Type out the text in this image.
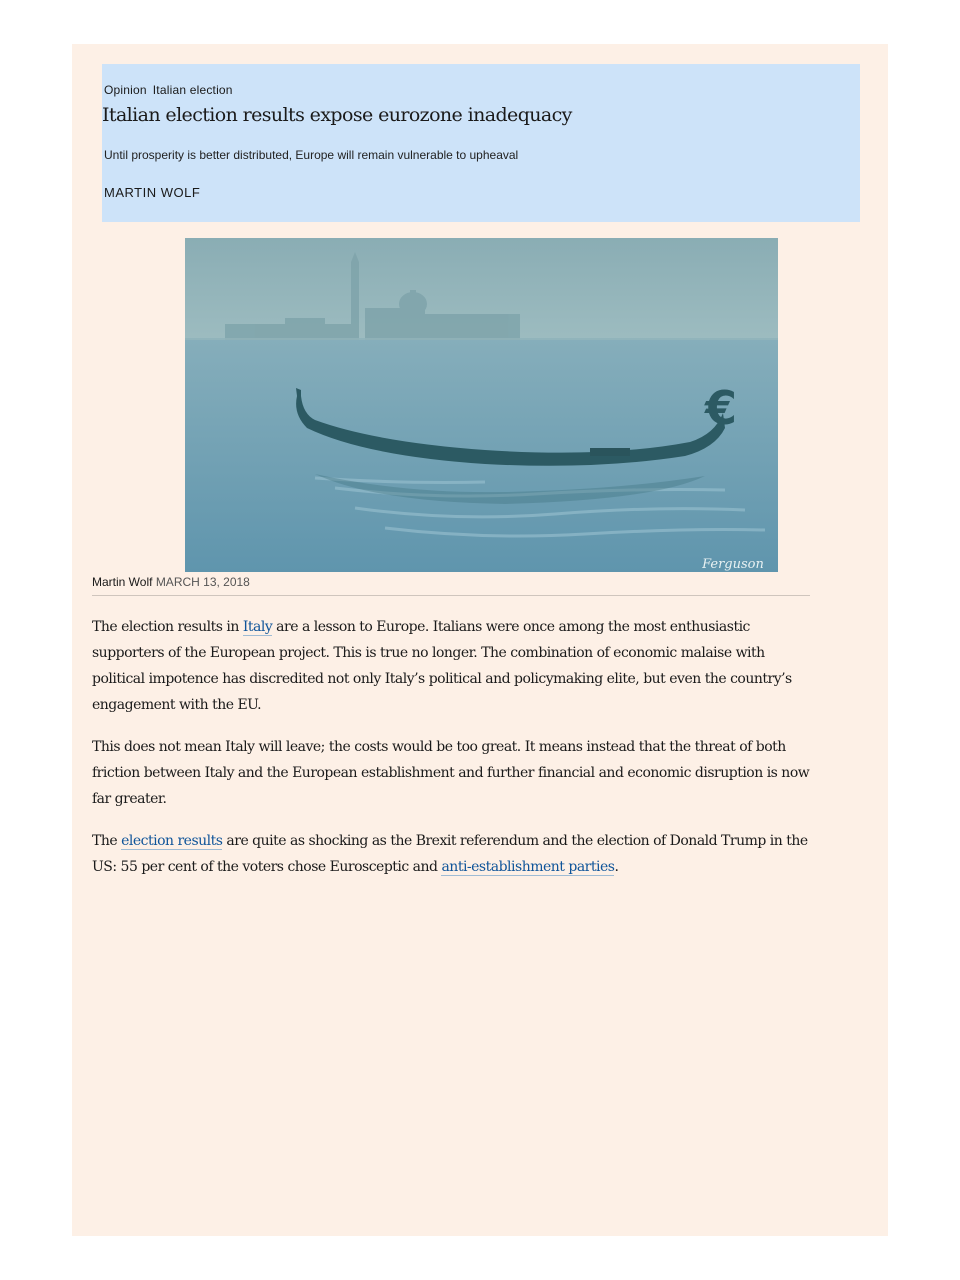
Opinion Italian election
Italian election results expose eurozone inadequacy
Until prosperity is better distributed, Europe will remain vulnerable to upheaval
MARTIN WOLF
€
Ferguson
Martin Wolf MARCH 13, 2018

The election results in Italy are a lesson to Europe. Italians were once among the most enthusiastic supporters of the European project. This is true no longer. The combination of economic malaise with political impotence has discredited not only Italy’s political and policymaking elite, but even the country’s engagement with the EU.

This does not mean Italy will leave; the costs would be too great. It means instead that the threat of both friction between Italy and the European establishment and further financial and economic disruption is now far greater.

The election results are quite as shocking as the Brexit referendum and the election of Donald Trump in the US: 55 per cent of the voters chose Eurosceptic and anti-establishment parties.
